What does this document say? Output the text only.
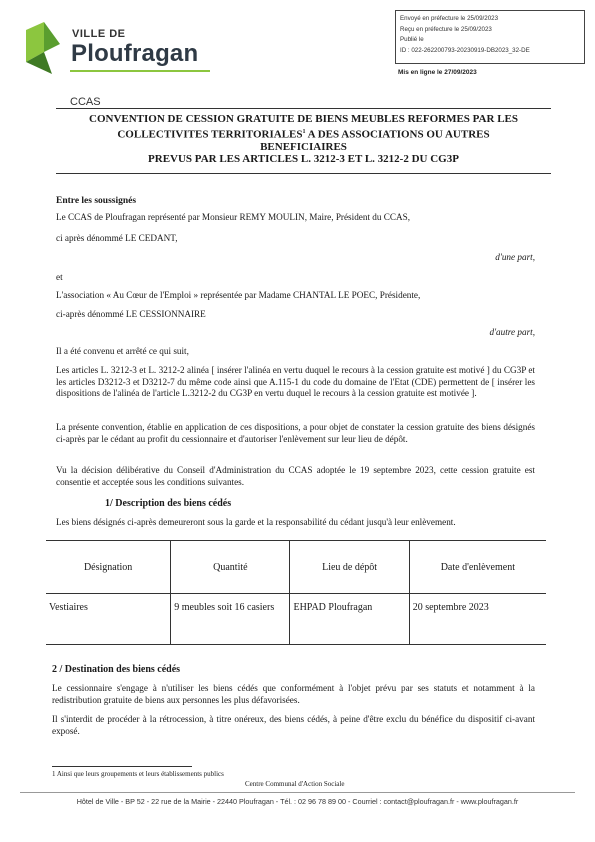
VILLE DE
Ploufragan
Envoyé en préfecture le 25/09/2023
Reçu en préfecture le 25/09/2023
Publié le
ID : 022-262200793-20230919-DB2023_32-DE
Mis en ligne le 27/09/2023
CCAS
CONVENTION DE CESSION GRATUITE DE BIENS MEUBLES REFORMES PAR LES
COLLECTIVITES TERRITORIALES$^1$ A DES ASSOCIATIONS OU AUTRES
BENEFICIAIRES
PREVUS PAR LES ARTICLES L. 3212-3 ET L. 3212-2 DU CG3P
Entre les soussignés
Le CCAS de Ploufragan représenté par Monsieur REMY MOULIN, Maire, Président du CCAS,
ci après dénommé LE CEDANT,
d'une part,
et
L'association « Au Cœur de l'Emploi » représentée par Madame CHANTAL LE POEC, Présidente,
ci-après dénommé LE CESSIONNAIRE
d'autre part,
Il a été convenu et arrêté ce qui suit,
Les articles L. 3212-3 et L. 3212-2 alinéa [ insérer l'alinéa en vertu duquel le recours à la cession gratuite est motivé ] du CG3P et les articles D3212-3 et D3212-7 du même code ainsi que A.115-1 du code du domaine de l'Etat (CDE) permettent de [ insérer les dispositions de l'alinéa de l'article L.3212-2 du CG3P en vertu duquel le recours à la cession gratuite est motivée ].
La présente convention, établie en application de ces dispositions, a pour objet de constater la cession gratuite des biens désignés ci-après par le cédant au profit du cessionnaire et d'autoriser l'enlèvement sur leur lieu de dépôt.
Vu la décision délibérative du Conseil d'Administration du CCAS adoptée le 19 septembre 2023, cette cession gratuite est consentie et acceptée sous les conditions suivantes.
1/ Description des biens cédés
Les biens désignés ci-après demeureront sous la garde et la responsabilité du cédant jusqu'à leur enlèvement.
Désignation	Quantité	Lieu de dépôt	Date d'enlèvement
Vestiaires	9 meubles soit 16 casiers	EHPAD Ploufragan	20 septembre 2023
2 / Destination des biens cédés
Le cessionnaire s'engage à n'utiliser les biens cédés que conformément à l'objet prévu par ses statuts et notamment à la redistribution gratuite de biens aux personnes les plus défavorisées.
Il s'interdit de procéder à la rétrocession, à titre onéreux, des biens cédés, à peine d'être exclu du bénéfice du dispositif ci-avant exposé.
1 Ainsi que leurs groupements et leurs établissements publics
Centre Communal d'Action Sociale
Hôtel de Ville - BP 52 - 22 rue de la Mairie - 22440 Ploufragan - Tél. : 02 96 78 89 00 - Courriel : contact@ploufragan.fr - www.ploufragan.fr
